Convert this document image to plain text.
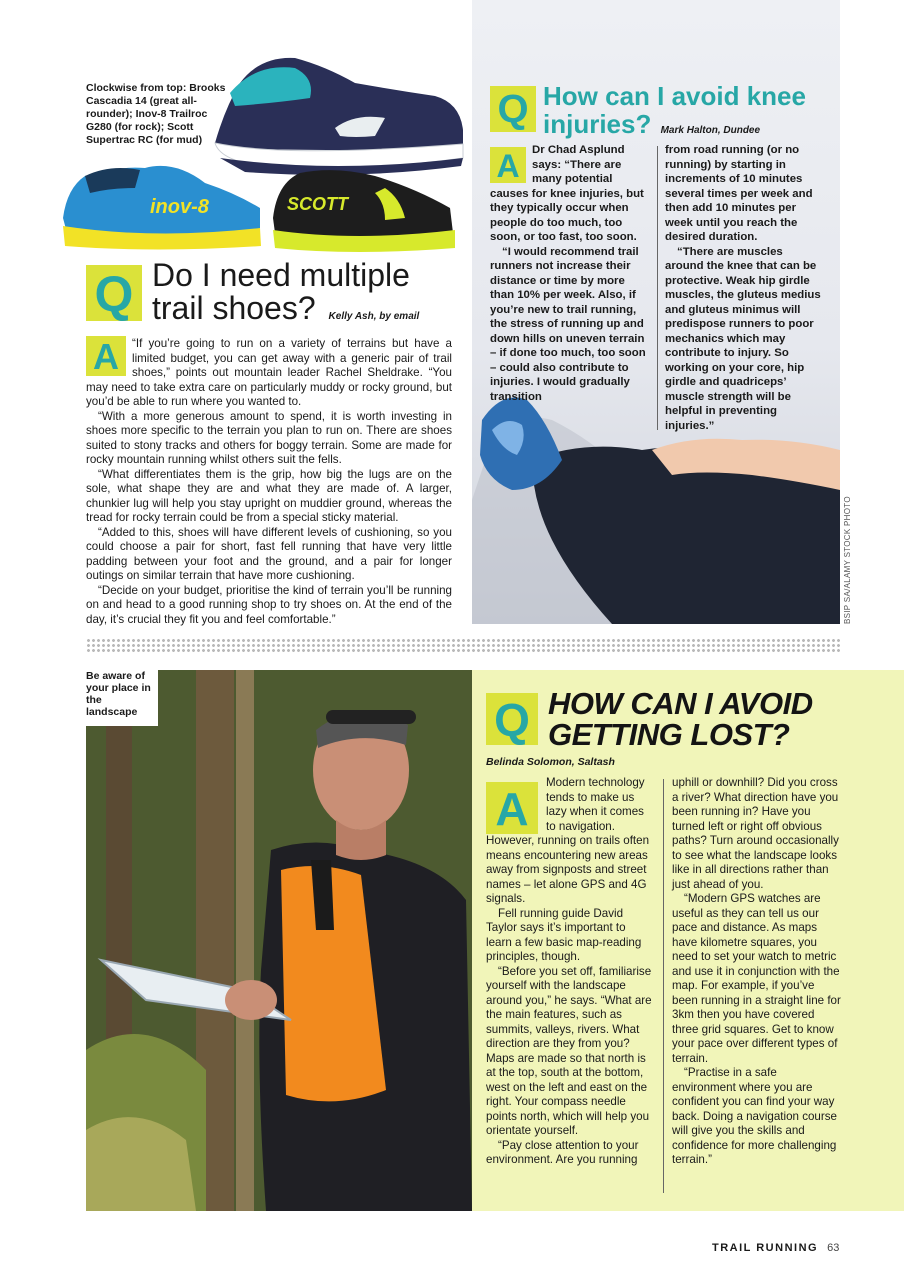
Clockwise from top: Brooks Cascadia 14 (great all-rounder); Inov-8 Trailroc G280 (for rock); Scott Supertrac RC (for mud)
inov-8	SCOTT
Q Do I need multiple
trail shoes? Kelly Ash, by email
A	“If you’re going to run on a variety of terrains but have a limited budget, you can get away with a generic pair of trail shoes,” points out mountain leader Rachel Sheldrake. “You may need to take extra care on particularly muddy or rocky ground, but you’d be able to run where you wanted to.

“With a more generous amount to spend, it is worth investing in shoes more specific to the terrain you plan to run on. There are shoes suited to stony tracks and others for boggy terrain. Some are made for rocky mountain running whilst others suit the fells.

“What differentiates them is the grip, how big the lugs are on the sole, what shape they are and what they are made of. A larger, chunkier lug will help you stay upright on muddier ground, whereas the tread for rocky terrain could be from a special sticky material.

“Added to this, shoes will have different levels of cushioning, so you could choose a pair for short, fast fell running that have very little padding between your foot and the ground, and a pair for longer outings on similar terrain that have more cushioning.

“Decide on your budget, prioritise the kind of terrain you’ll be running on and head to a good running shop to try shoes on. At the end of the day, it’s crucial they fit you and feel comfortable.”	BSIP SA/ALAMY STOCK PHOTO
Q How can I avoid knee
injuries? Mark Halton, Dundee
A	Dr Chad Asplund says: “There are many potential causes for knee injuries, but they typically occur when people do too much, too soon, or too fast, too soon.

“I would recommend trail runners not increase their distance or time by more than 10% per week. Also, if you’re new to trail running, the stress of running up and down hills on uneven terrain – if done too much, too soon – could also contribute to injuries. I would gradually transition

from road running (or no running) by starting in increments of 10 minutes several times per week and then add 10 minutes per week until you reach the desired duration.

“There are muscles around the knee that can be protective. Weak hip girdle muscles, the gluteus medius and gluteus minimus will predispose runners to poor mechanics which may contribute to injury. So working on your core, hip girdle and quadriceps’ muscle strength will be helpful in preventing injuries.”

Be aware of your place in the landscape	Q HOW CAN I AVOID
GETTING LOST?
Belinda Solomon, Saltash
A

Modern technology tends to make us lazy when it comes to navigation. However, running on trails often means encountering new areas away from signposts and street names – let alone GPS and 4G signals.

Fell running guide David Taylor says it’s important to learn a few basic map-reading principles, though.

“Before you set off, familiarise yourself with the landscape around you,” he says. “What are the main features, such as summits, valleys, rivers. What direction are they from you? Maps are made so that north is at the top, south at the bottom, west on the left and east on the right. Your compass needle points north, which will help you orientate yourself.

“Pay close attention to your environment. Are you running

uphill or downhill? Did you cross a river? What direction have you been running in? Have you turned left or right off obvious paths? Turn around occasionally to see what the landscape looks like in all directions rather than just ahead of you.

“Modern GPS watches are useful as they can tell us our pace and distance. As maps have kilometre squares, you need to set your watch to metric and use it in conjunction with the map. For example, if you’ve been running in a straight line for 3km then you have covered three grid squares. Get to know your pace over different types of terrain.

“Practise in a safe environment where you are confident you can find your way back. Doing a navigation course will give you the skills and confidence for more challenging terrain.”

TRAIL RUNNING 63
